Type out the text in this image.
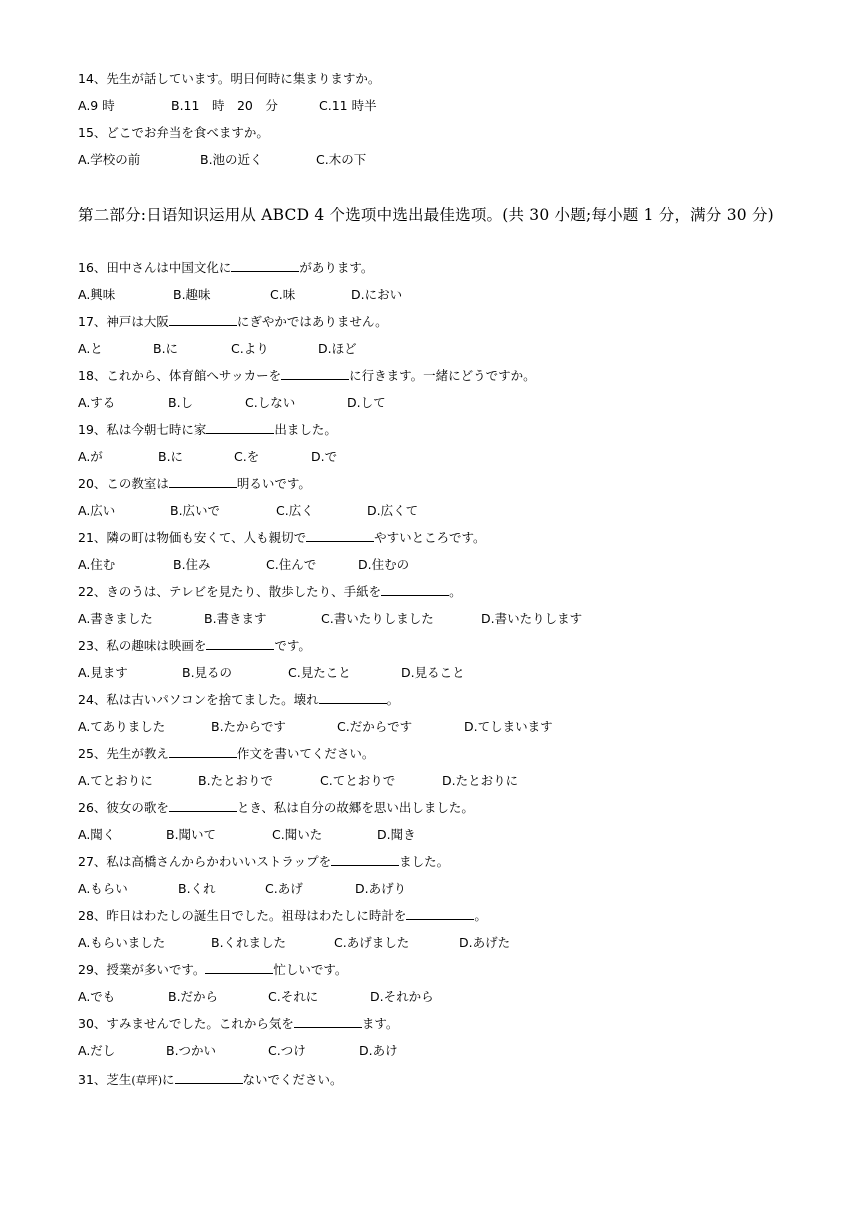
14、先生が話しています。明日何時に集まりますか。
A.9 時	B.11　時　20　分	C.11 時半
15、どこでお弁当を食べますか。
A.学校の前	B.池の近く	C.木の下
第二部分:日语知识运用从 ABCD 4 个选项中选出最佳选项。(共 30 小题;每小题 1 分，满分 30 分)
16、田中さんは中国文化に	があります。
A.興味	B.趣味	C.味	D.におい
17、神戸は大阪	にぎやかではありません。
A.と	B.に	C.より	D.ほど
18、これから、体育館へサッカーを	に行きます。一緒にどうですか。
A.する	B.し	C.しない	D.して
19、私は今朝七時に家	出ました。
A.が	B.に	C.を	D.で
20、この教室は	明るいです。
A.広い	B.広いで	C.広く	D.広くて
21、隣の町は物価も安くて、人も親切で	やすいところです。
A.住む	B.住み	C.住んで	D.住むの
22、きのうは、テレビを見たり、散歩したり、手紙を	。
A.書きました	B.書きます	C.書いたりしました	D.書いたりします
23、私の趣味は映画を	です。
A.見ます	B.見るの	C.見たこと	D.見ること
24、私は古いパソコンを捨てました。壊れ	。
A.てありました	B.たからです	C.だからです	D.てしまいます
25、先生が教え	作文を書いてください。
A.てとおりに	B.たとおりで	C.てとおりで	D.たとおりに
26、彼女の歌を	とき、私は自分の故郷を思い出しました。
A.聞く	B.聞いて	C.聞いた	D.聞き
27、私は高橋さんからかわいいストラップを	ました。
A.もらい	B.くれ	C.あげ	D.あげり
28、昨日はわたしの誕生日でした。祖母はわたしに時計を	。
A.もらいました	B.くれました	C.あげました	D.あげた
29、授業が多いです。	忙しいです。
A.でも	B.だから	C.それに	D.それから
30、すみませんでした。これから気を	ます。
A.だし	B.つかい	C.つけ	D.あけ
31、芝生(草坪)に	ないでください。
